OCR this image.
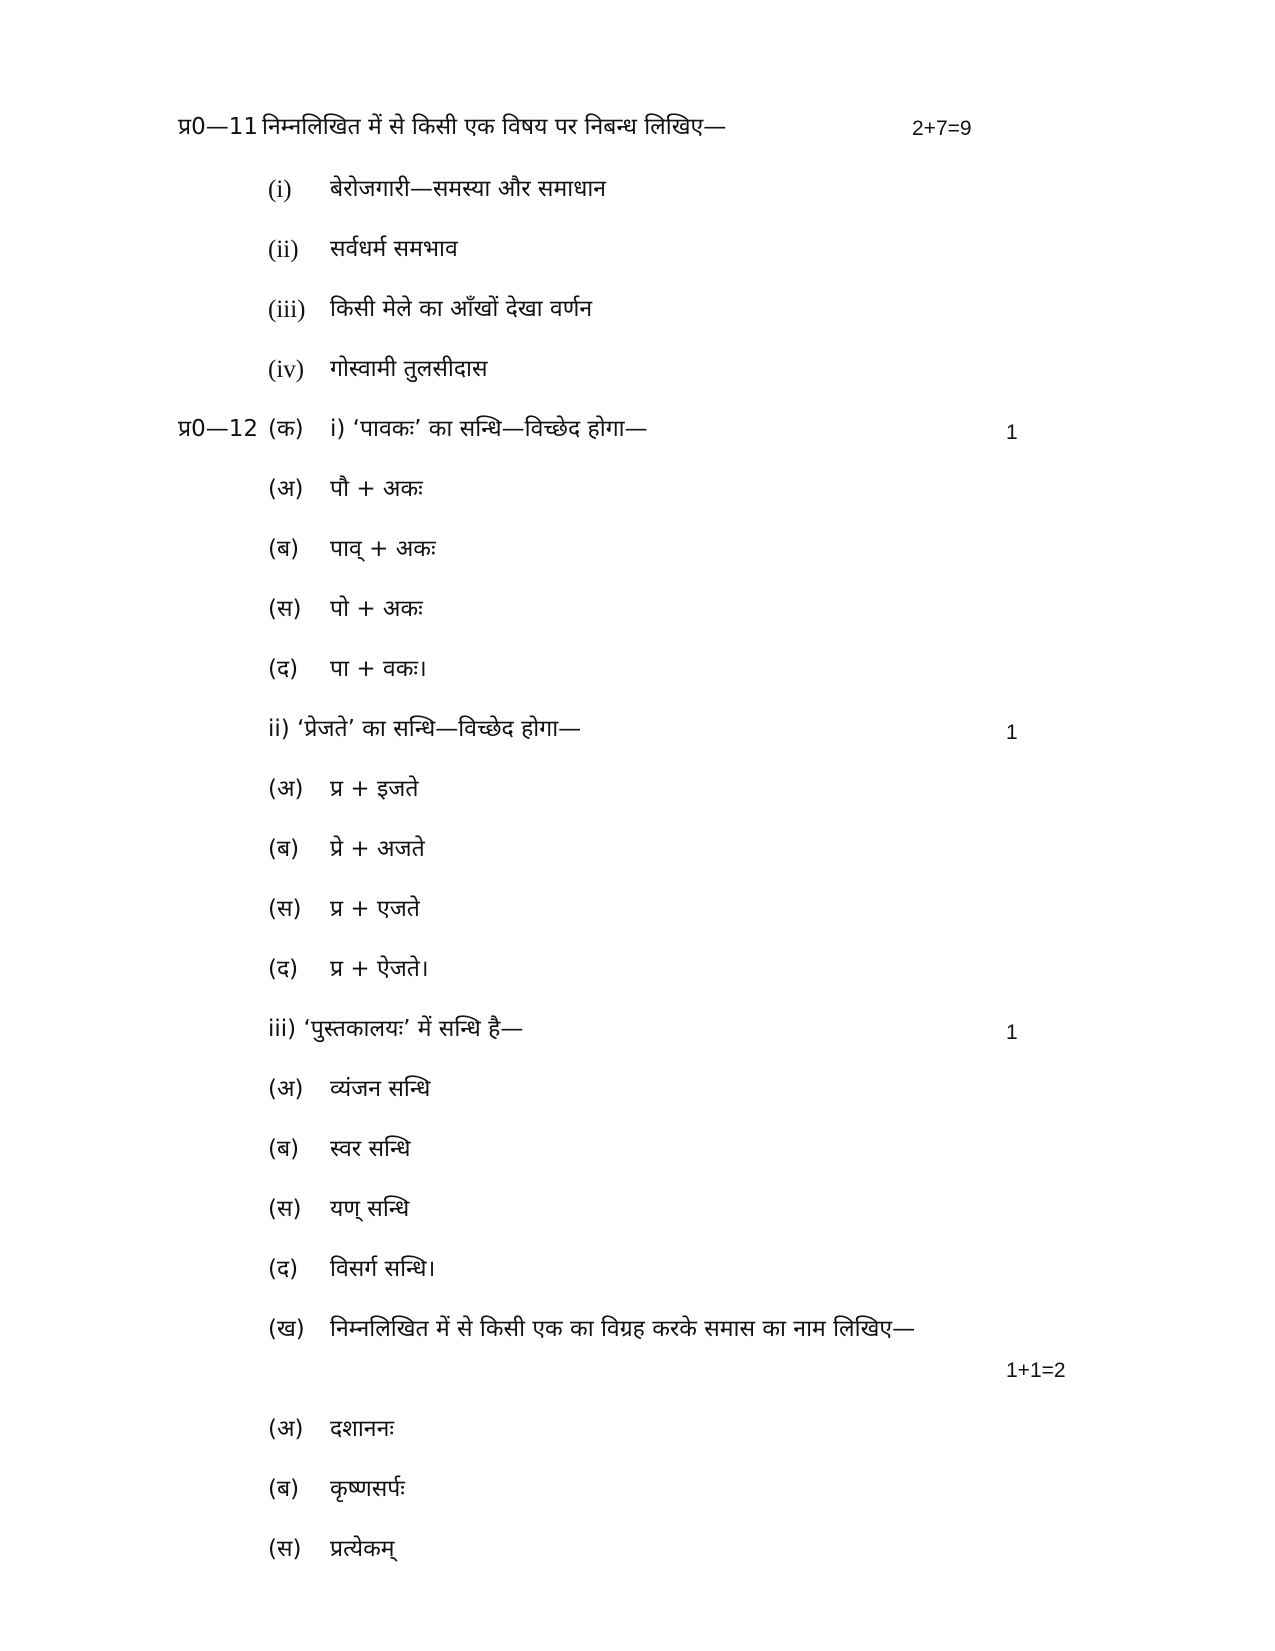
प्र0—11 निम्नलिखित में से किसी एक विषय पर निबन्ध लिखिए—	2+7=9
(i) बेरोजगारी—समस्या और समाधान
(ii) सर्वधर्म समभाव
(iii) किसी मेले का आँखों देखा वर्णन
(iv) गोस्वामी तुलसीदास
प्र0—12 (क) i) ‘पावकः’ का सन्धि—विच्छेद होगा—	1
(अ) पौ + अकः
(ब) पाव् + अकः
(स) पो + अकः
(द) पा + वकः।
ii) ‘प्रेजते’ का सन्धि—विच्छेद होगा—	1
(अ) प्र + इजते
(ब) प्रे + अजते
(स) प्र + एजते
(द) प्र + ऐजते।
iii) ‘पुस्तकालयः’ में सन्धि है—	1
(अ) व्यंजन सन्धि
(ब) स्वर सन्धि
(स) यण् सन्धि
(द) विसर्ग सन्धि।
(ख) निम्नलिखित में से किसी एक का विग्रह करके समास का नाम लिखिए—
1+1=2
(अ) दशाननः
(ब) कृष्णसर्पः
(स) प्रत्येकम्
